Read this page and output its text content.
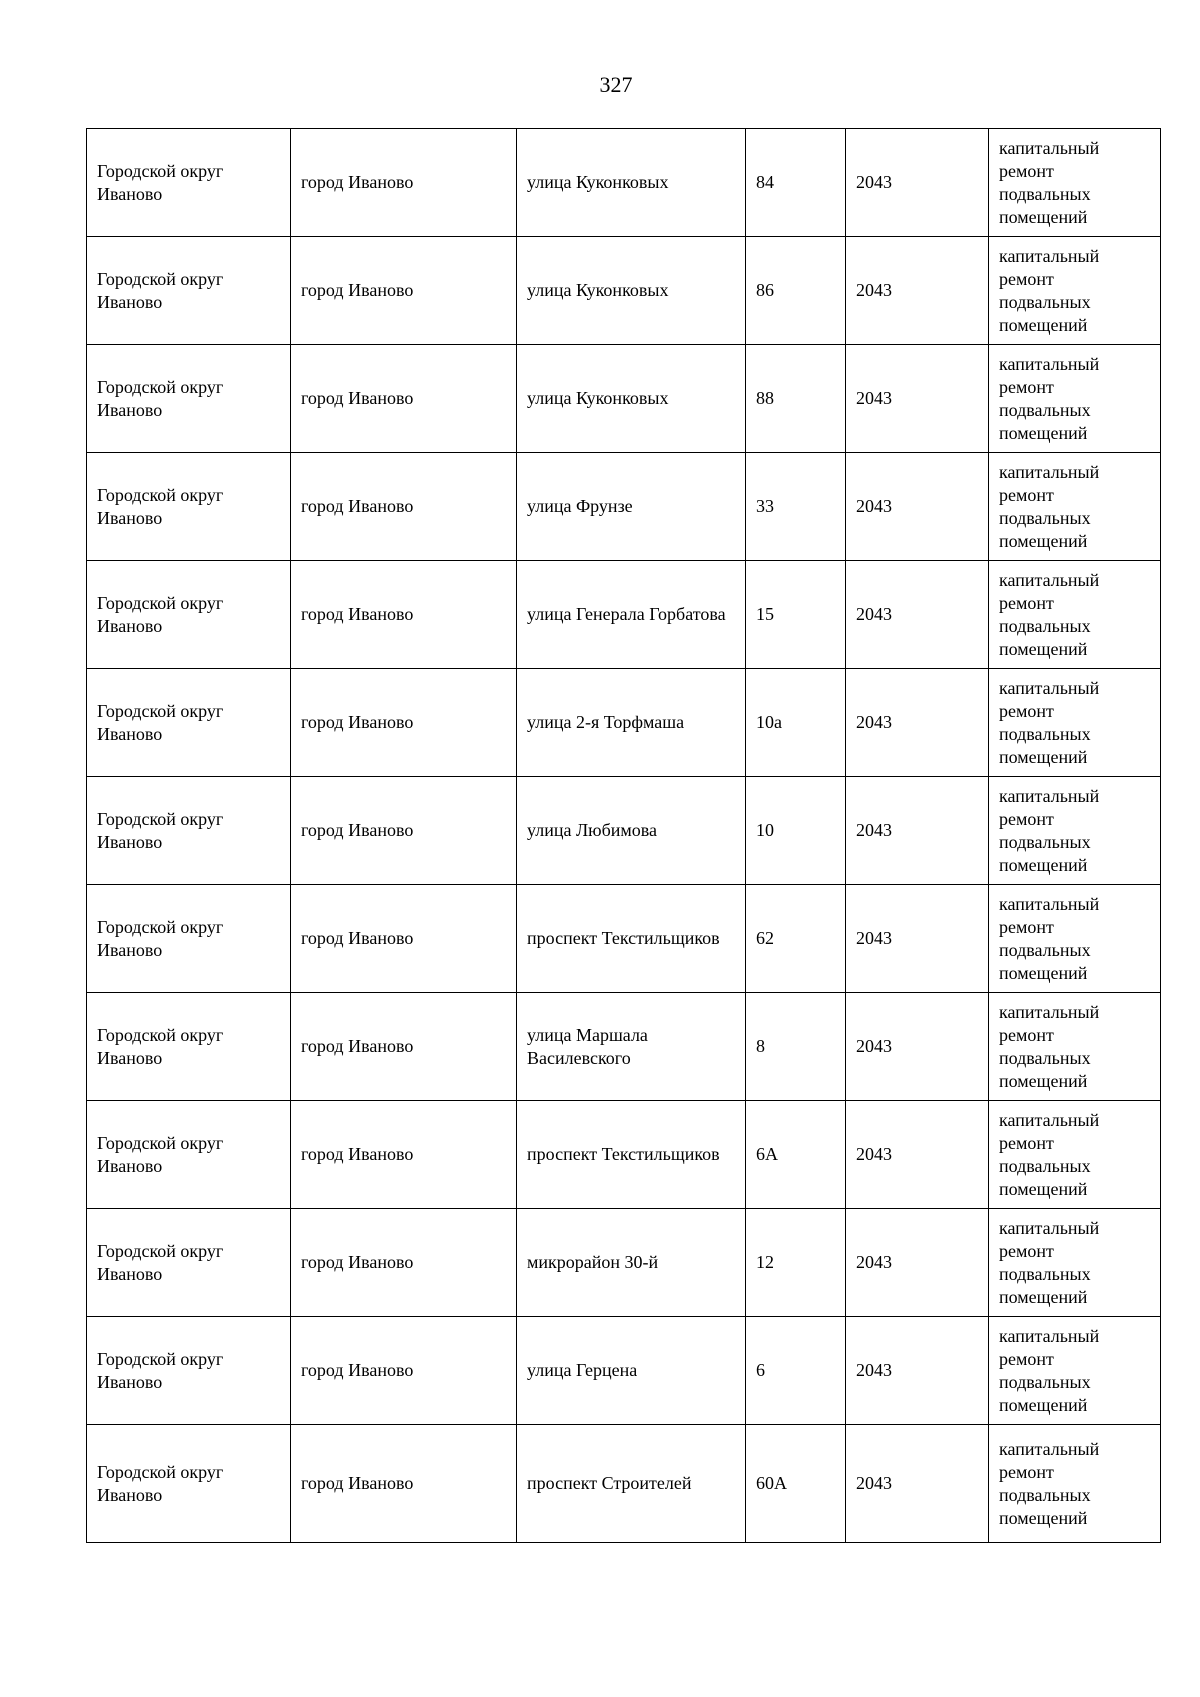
327
Городской округ Иваново	город Иваново	улица Куконковых	84	2043	капитальный ремонт подвальных помещений

Городской округ Иваново	город Иваново	улица Куконковых	86	2043	капитальный ремонт подвальных помещений

Городской округ Иваново	город Иваново	улица Куконковых	88	2043	капитальный ремонт подвальных помещений

Городской округ Иваново	город Иваново	улица Фрунзе	33	2043	капитальный ремонт подвальных помещений

Городской округ Иваново	город Иваново	улица Генерала Горбатова	15	2043	капитальный ремонт подвальных помещений

Городской округ Иваново	город Иваново	улица 2-я Торфмаша	10а	2043	капитальный ремонт подвальных помещений

Городской округ Иваново	город Иваново	улица Любимова	10	2043	капитальный ремонт подвальных помещений

Городской округ Иваново	город Иваново	проспект Текстильщиков	62	2043	капитальный ремонт подвальных помещений

Городской округ Иваново	город Иваново	улица Маршала Василевского	8	2043	капитальный ремонт подвальных помещений

Городской округ Иваново	город Иваново	проспект Текстильщиков	6А	2043	капитальный ремонт подвальных помещений

Городской округ Иваново	город Иваново	микрорайон 30-й	12	2043	капитальный ремонт подвальных помещений

Городской округ Иваново	город Иваново	улица Герцена	6	2043	капитальный ремонт подвальных помещений

Городской округ Иваново	город Иваново	проспект Строителей	60А	2043	капитальный ремонт подвальных помещений
